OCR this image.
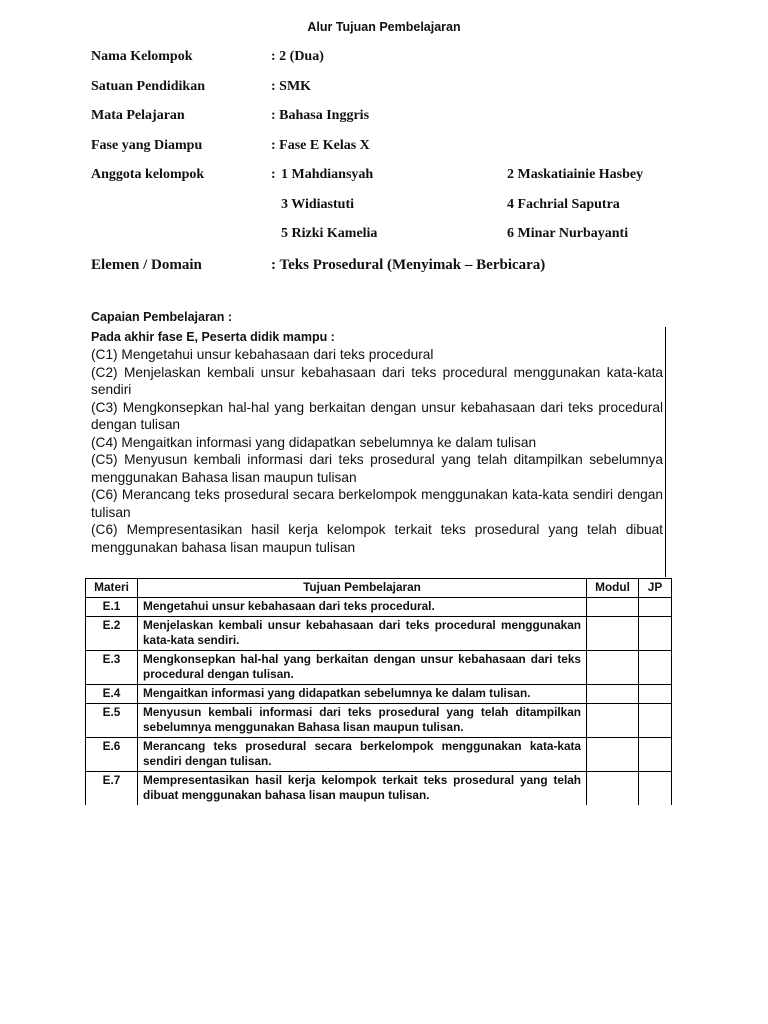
Alur Tujuan Pembelajaran
Nama Kelompok	: 2 (Dua)
Satuan Pendidikan	: SMK
Mata Pelajaran	: Bahasa Inggris
Fase yang Diampu	: Fase E Kelas X
Anggota kelompok	: 1 Mahdiansyah	2 Maskatiainie Hasbey
3 Widiastuti	4 Fachrial Saputra
5 Rizki Kamelia	6 Minar Nurbayanti
Elemen / Domain	: Teks Prosedural (Menyimak – Berbicara)
Capaian Pembelajaran :
Pada akhir fase E, Peserta didik mampu :

(C1) Mengetahui unsur kebahasaan dari teks procedural

(C2) Menjelaskan kembali unsur kebahasaan dari teks procedural menggunakan kata-kata sendiri

(C3) Mengkonsepkan hal-hal yang berkaitan dengan unsur kebahasaan dari teks procedural dengan tulisan

(C4) Mengaitkan informasi yang didapatkan sebelumnya ke dalam tulisan

(C5) Menyusun kembali informasi dari teks prosedural yang telah ditampilkan sebelumnya menggunakan Bahasa lisan maupun tulisan

(C6) Merancang teks prosedural secara berkelompok menggunakan kata-kata sendiri dengan tulisan

(C6) Mempresentasikan hasil kerja kelompok terkait teks prosedural yang telah dibuat menggunakan bahasa lisan maupun tulisan

Materi	Tujuan Pembelajaran	Modul	JP
E.1	Mengetahui unsur kebahasaan dari teks procedural.		
E.2	Menjelaskan kembali unsur kebahasaan dari teks procedural menggunakan kata-kata sendiri.		
E.3	Mengkonsepkan hal-hal yang berkaitan dengan unsur kebahasaan dari teks procedural dengan tulisan.		
E.4	Mengaitkan informasi yang didapatkan sebelumnya ke dalam tulisan.		
E.5	Menyusun kembali informasi dari teks prosedural yang telah ditampilkan sebelumnya menggunakan Bahasa lisan maupun tulisan.		
E.6	Merancang teks prosedural secara berkelompok menggunakan kata-kata sendiri dengan tulisan.		
E.7	Mempresentasikan hasil kerja kelompok terkait teks prosedural yang telah dibuat menggunakan bahasa lisan maupun tulisan.		
